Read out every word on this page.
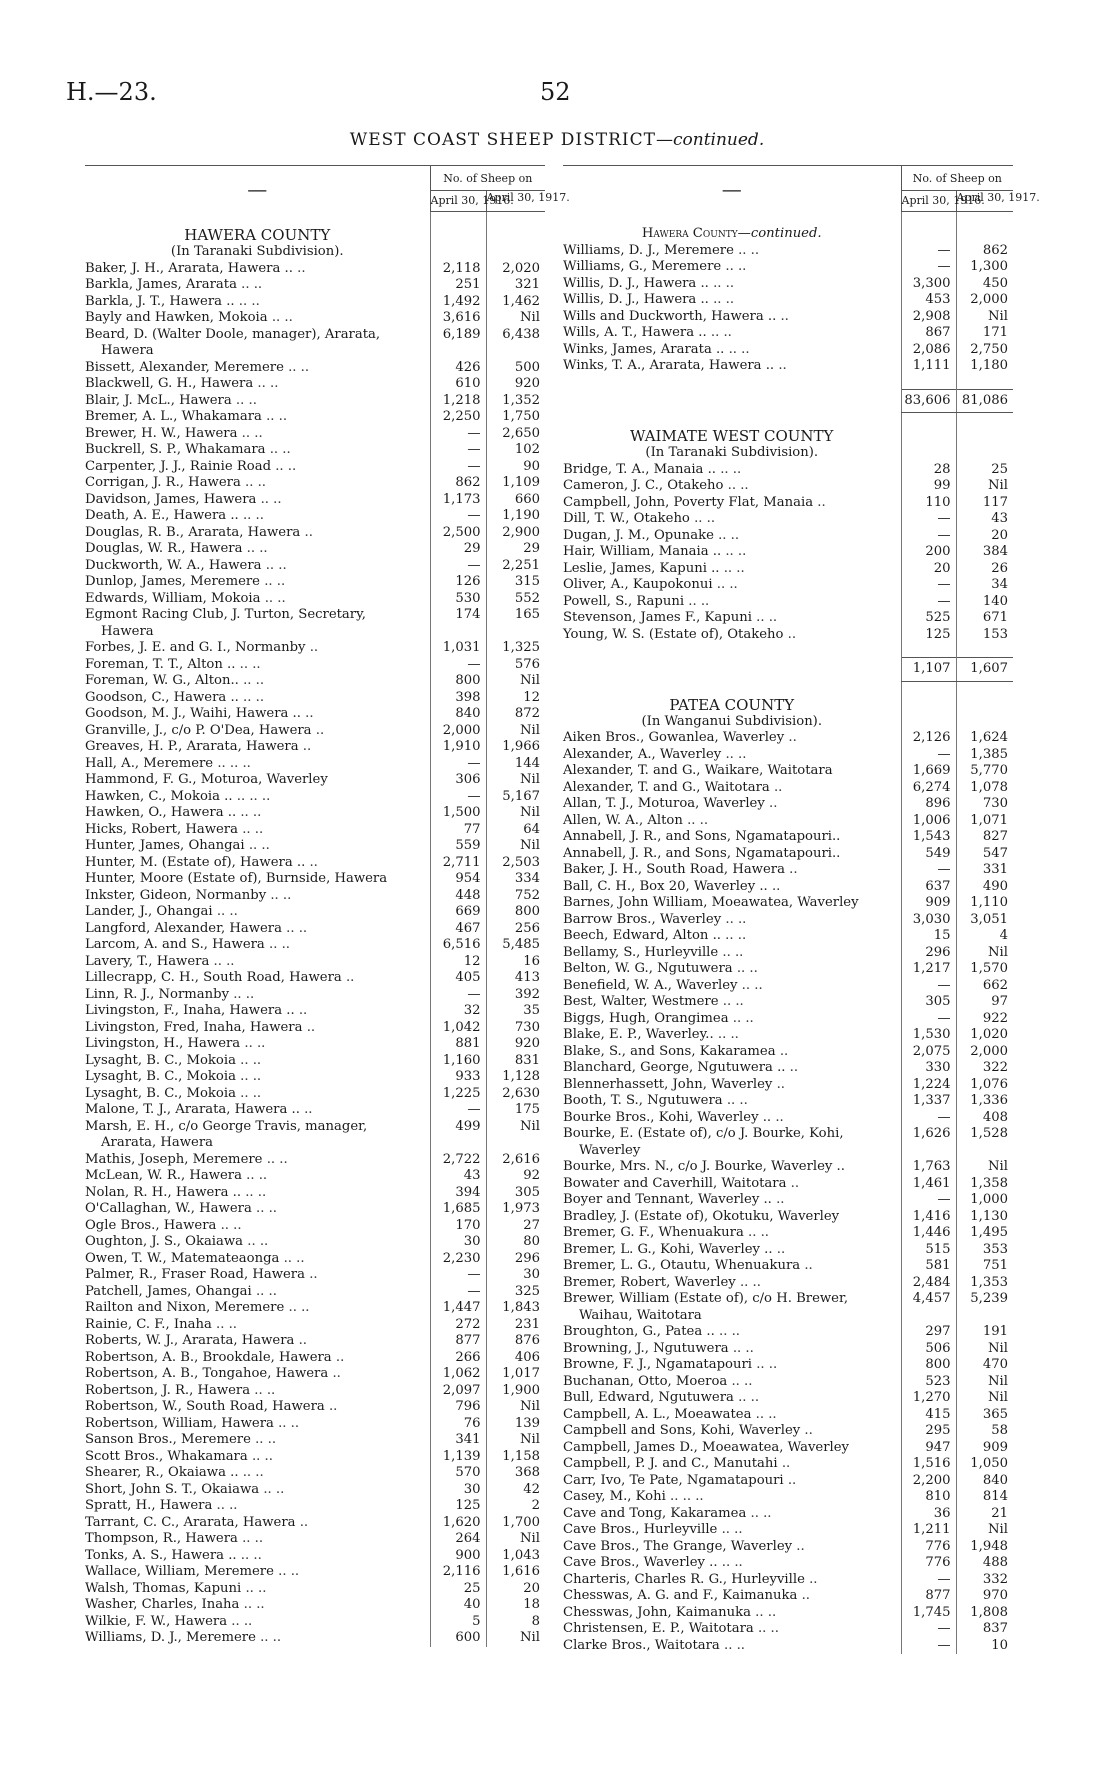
H.—23.	52
WEST COAST SHEEP DISTRICT—continued.
—	No. of Sheep on	
	April 30, 1916.	April 30, 1917.

HAWERA COUNTY		
(In Taranaki Subdivision).		
Baker, J. H., Ararata, Hawera .. ..	2,118	2,020
Barkla, James, Ararata .. ..	251	321
Barkla, J. T., Hawera .. .. ..	1,492	1,462
Bayly and Hawken, Mokoia .. ..	3,616	Nil
Beard, D. (Walter Doole, manager), Ararata,	6,189	6,438
Hawera		
Bissett, Alexander, Meremere .. ..	426	500
Blackwell, G. H., Hawera .. ..	610	920
Blair, J. McL., Hawera .. ..	1,218	1,352
Bremer, A. L., Whakamara .. ..	2,250	1,750
Brewer, H. W., Hawera .. ..	—	2,650
Buckrell, S. P., Whakamara .. ..	—	102
Carpenter, J. J., Rainie Road .. ..	—	90
Corrigan, J. R., Hawera .. ..	862	1,109
Davidson, James, Hawera .. ..	1,173	660
Death, A. E., Hawera .. .. ..	—	1,190
Douglas, R. B., Ararata, Hawera ..	2,500	2,900
Douglas, W. R., Hawera .. ..	29	29
Duckworth, W. A., Hawera .. ..	—	2,251
Dunlop, James, Meremere .. ..	126	315
Edwards, William, Mokoia .. ..	530	552
Egmont Racing Club, J. Turton, Secretary,	174	165
Hawera		
Forbes, J. E. and G. I., Normanby ..	1,031	1,325
Foreman, T. T., Alton .. .. ..	—	576
Foreman, W. G., Alton.. .. ..	800	Nil
Goodson, C., Hawera .. .. ..	398	12
Goodson, M. J., Waihi, Hawera .. ..	840	872
Granville, J., c/o P. O'Dea, Hawera ..	2,000	Nil
Greaves, H. P., Ararata, Hawera ..	1,910	1,966
Hall, A., Meremere .. .. ..	—	144
Hammond, F. G., Moturoa, Waverley	306	Nil
Hawken, C., Mokoia .. .. .. ..	—	5,167
Hawken, O., Hawera .. .. ..	1,500	Nil
Hicks, Robert, Hawera .. ..	77	64
Hunter, James, Ohangai .. ..	559	Nil
Hunter, M. (Estate of), Hawera .. ..	2,711	2,503
Hunter, Moore (Estate of), Burnside, Hawera	954	334
Inkster, Gideon, Normanby .. ..	448	752
Lander, J., Ohangai .. ..	669	800
Langford, Alexander, Hawera .. ..	467	256
Larcom, A. and S., Hawera .. ..	6,516	5,485
Lavery, T., Hawera .. ..	12	16
Lillecrapp, C. H., South Road, Hawera ..	405	413
Linn, R. J., Normanby .. ..	—	392
Livingston, F., Inaha, Hawera .. ..	32	35
Livingston, Fred, Inaha, Hawera ..	1,042	730
Livingston, H., Hawera .. ..	881	920
Lysaght, B. C., Mokoia .. ..	1,160	831
Lysaght, B. C., Mokoia .. ..	933	1,128
Lysaght, B. C., Mokoia .. ..	1,225	2,630
Malone, T. J., Ararata, Hawera .. ..	—	175
Marsh, E. H., c/o George Travis, manager,	499	Nil
Ararata, Hawera		
Mathis, Joseph, Meremere .. ..	2,722	2,616
McLean, W. R., Hawera .. ..	43	92
Nolan, R. H., Hawera .. .. ..	394	305
O'Callaghan, W., Hawera .. ..	1,685	1,973
Ogle Bros., Hawera .. ..	170	27
Oughton, J. S., Okaiawa .. ..	30	80
Owen, T. W., Matemateaonga .. ..	2,230	296
Palmer, R., Fraser Road, Hawera ..	—	30
Patchell, James, Ohangai .. ..	—	325
Railton and Nixon, Meremere .. ..	1,447	1,843
Rainie, C. F., Inaha .. ..	272	231
Roberts, W. J., Ararata, Hawera ..	877	876
Robertson, A. B., Brookdale, Hawera ..	266	406
Robertson, A. B., Tongahoe, Hawera ..	1,062	1,017
Robertson, J. R., Hawera .. ..	2,097	1,900
Robertson, W., South Road, Hawera ..	796	Nil
Robertson, William, Hawera .. ..	76	139
Sanson Bros., Meremere .. ..	341	Nil
Scott Bros., Whakamara .. ..	1,139	1,158
Shearer, R., Okaiawa .. .. ..	570	368
Short, John S. T., Okaiawa .. ..	30	42
Spratt, H., Hawera .. ..	125	2
Tarrant, C. C., Ararata, Hawera ..	1,620	1,700
Thompson, R., Hawera .. ..	264	Nil
Tonks, A. S., Hawera .. .. ..	900	1,043
Wallace, William, Meremere .. ..	2,116	1,616
Walsh, Thomas, Kapuni .. ..	25	20
Washer, Charles, Inaha .. ..	40	18
Wilkie, F. W., Hawera .. ..	5	8
Williams, D. J., Meremere .. ..	600	Nil
—	No. of Sheep on	
	April 30, 1916.	April 30, 1917.

Hawera County—continued.		
Williams, D. J., Meremere .. ..	—	862
Williams, G., Meremere .. ..	—	1,300
Willis, D. J., Hawera .. .. ..	3,300	450
Willis, D. J., Hawera .. .. ..	453	2,000
Wills and Duckworth, Hawera .. ..	2,908	Nil
Wills, A. T., Hawera .. .. ..	867	171
Winks, James, Ararata .. .. ..	2,086	2,750
Winks, T. A., Ararata, Hawera .. ..	1,111	1,180

	83,606	81,086

WAIMATE WEST COUNTY		
(In Taranaki Subdivision).		
Bridge, T. A., Manaia .. .. ..	28	25
Cameron, J. C., Otakeho .. ..	99	Nil
Campbell, John, Poverty Flat, Manaia ..	110	117
Dill, T. W., Otakeho .. ..	—	43
Dugan, J. M., Opunake .. ..	—	20
Hair, William, Manaia .. .. ..	200	384
Leslie, James, Kapuni .. .. ..	20	26
Oliver, A., Kaupokonui .. ..	—	34
Powell, S., Rapuni .. ..	—	140
Stevenson, James F., Kapuni .. ..	525	671
Young, W. S. (Estate of), Otakeho ..	125	153

	1,107	1,607

PATEA COUNTY		
(In Wanganui Subdivision).		
Aiken Bros., Gowanlea, Waverley ..	2,126	1,624
Alexander, A., Waverley .. ..	—	1,385
Alexander, T. and G., Waikare, Waitotara	1,669	5,770
Alexander, T. and G., Waitotara ..	6,274	1,078
Allan, T. J., Moturoa, Waverley ..	896	730
Allen, W. A., Alton .. ..	1,006	1,071
Annabell, J. R., and Sons, Ngamatapouri..	1,543	827
Annabell, J. R., and Sons, Ngamatapouri..	549	547
Baker, J. H., South Road, Hawera ..	—	331
Ball, C. H., Box 20, Waverley .. ..	637	490
Barnes, John William, Moeawatea, Waverley	909	1,110
Barrow Bros., Waverley .. ..	3,030	3,051
Beech, Edward, Alton .. .. ..	15	4
Bellamy, S., Hurleyville .. ..	296	Nil
Belton, W. G., Ngutuwera .. ..	1,217	1,570
Benefield, W. A., Waverley .. ..	—	662
Best, Walter, Westmere .. ..	305	97
Biggs, Hugh, Orangimea .. ..	—	922
Blake, E. P., Waverley.. .. ..	1,530	1,020
Blake, S., and Sons, Kakaramea ..	2,075	2,000
Blanchard, George, Ngutuwera .. ..	330	322
Blennerhassett, John, Waverley ..	1,224	1,076
Booth, T. S., Ngutuwera .. ..	1,337	1,336
Bourke Bros., Kohi, Waverley .. ..	—	408
Bourke, E. (Estate of), c/o J. Bourke, Kohi,	1,626	1,528
Waverley		
Bourke, Mrs. N., c/o J. Bourke, Waverley ..	1,763	Nil
Bowater and Caverhill, Waitotara ..	1,461	1,358
Boyer and Tennant, Waverley .. ..	—	1,000
Bradley, J. (Estate of), Okotuku, Waverley	1,416	1,130
Bremer, G. F., Whenuakura .. ..	1,446	1,495
Bremer, L. G., Kohi, Waverley .. ..	515	353
Bremer, L. G., Otautu, Whenuakura ..	581	751
Bremer, Robert, Waverley .. ..	2,484	1,353
Brewer, William (Estate of), c/o H. Brewer,	4,457	5,239
Waihau, Waitotara		
Broughton, G., Patea .. .. ..	297	191
Browning, J., Ngutuwera .. ..	506	Nil
Browne, F. J., Ngamatapouri .. ..	800	470
Buchanan, Otto, Moeroa .. ..	523	Nil
Bull, Edward, Ngutuwera .. ..	1,270	Nil
Campbell, A. L., Moeawatea .. ..	415	365
Campbell and Sons, Kohi, Waverley ..	295	58
Campbell, James D., Moeawatea, Waverley	947	909
Campbell, P. J. and C., Manutahi ..	1,516	1,050
Carr, Ivo, Te Pate, Ngamatapouri ..	2,200	840
Casey, M., Kohi .. .. ..	810	814
Cave and Tong, Kakaramea .. ..	36	21
Cave Bros., Hurleyville .. ..	1,211	Nil
Cave Bros., The Grange, Waverley ..	776	1,948
Cave Bros., Waverley .. .. ..	776	488
Charteris, Charles R. G., Hurleyville ..	—	332
Chesswas, A. G. and F., Kaimanuka ..	877	970
Chesswas, John, Kaimanuka .. ..	1,745	1,808
Christensen, E. P., Waitotara .. ..	—	837
Clarke Bros., Waitotara .. ..	—	10
